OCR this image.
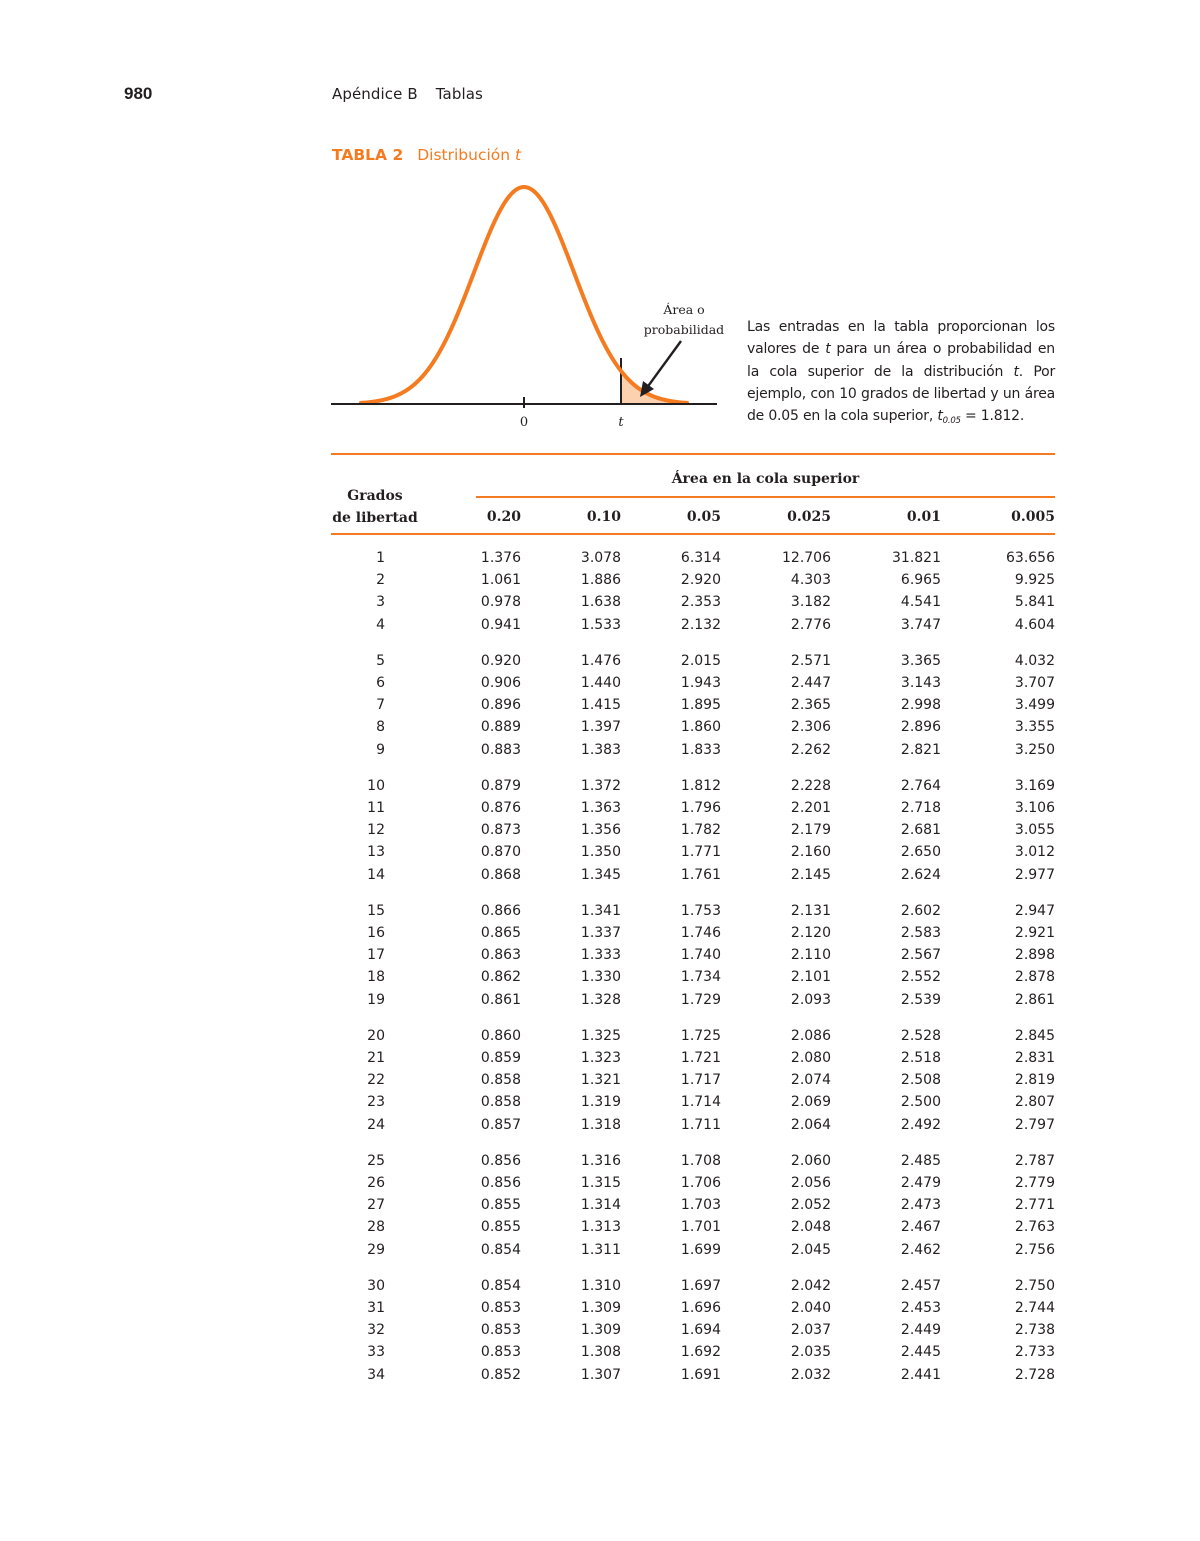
980	Apéndice B Tablas
TABLA 2 Distribución t
0	t
Área o
probabilidad Las entradas en la tabla proporcionan los valores de t para un área o probabilidad en la cola superior de la distribución t. Por ejemplo, con 10 grados de libertad y un área de 0.05 en la cola superior, $t_{0.05} = 1.812$.
Grados
de libertad
Área en la cola superior
0.20	0.10	0.05	0.025	0.01	0.005
1	1.376	3.078	6.314	12.706	31.821	63.656
2	1.061	1.886	2.920	4.303	6.965	9.925
3	0.978	1.638	2.353	3.182	4.541	5.841
4	0.941	1.533	2.132	2.776	3.747	4.604
5	0.920	1.476	2.015	2.571	3.365	4.032
6	0.906	1.440	1.943	2.447	3.143	3.707
7	0.896	1.415	1.895	2.365	2.998	3.499
8	0.889	1.397	1.860	2.306	2.896	3.355
9	0.883	1.383	1.833	2.262	2.821	3.250
10	0.879	1.372	1.812	2.228	2.764	3.169
11	0.876	1.363	1.796	2.201	2.718	3.106
12	0.873	1.356	1.782	2.179	2.681	3.055
13	0.870	1.350	1.771	2.160	2.650	3.012
14	0.868	1.345	1.761	2.145	2.624	2.977
15	0.866	1.341	1.753	2.131	2.602	2.947
16	0.865	1.337	1.746	2.120	2.583	2.921
17	0.863	1.333	1.740	2.110	2.567	2.898
18	0.862	1.330	1.734	2.101	2.552	2.878
19	0.861	1.328	1.729	2.093	2.539	2.861
20	0.860	1.325	1.725	2.086	2.528	2.845
21	0.859	1.323	1.721	2.080	2.518	2.831
22	0.858	1.321	1.717	2.074	2.508	2.819
23	0.858	1.319	1.714	2.069	2.500	2.807
24	0.857	1.318	1.711	2.064	2.492	2.797
25	0.856	1.316	1.708	2.060	2.485	2.787
26	0.856	1.315	1.706	2.056	2.479	2.779
27	0.855	1.314	1.703	2.052	2.473	2.771
28	0.855	1.313	1.701	2.048	2.467	2.763
29	0.854	1.311	1.699	2.045	2.462	2.756
30	0.854	1.310	1.697	2.042	2.457	2.750
31	0.853	1.309	1.696	2.040	2.453	2.744
32	0.853	1.309	1.694	2.037	2.449	2.738
33	0.853	1.308	1.692	2.035	2.445	2.733
34	0.852	1.307	1.691	2.032	2.441	2.728
